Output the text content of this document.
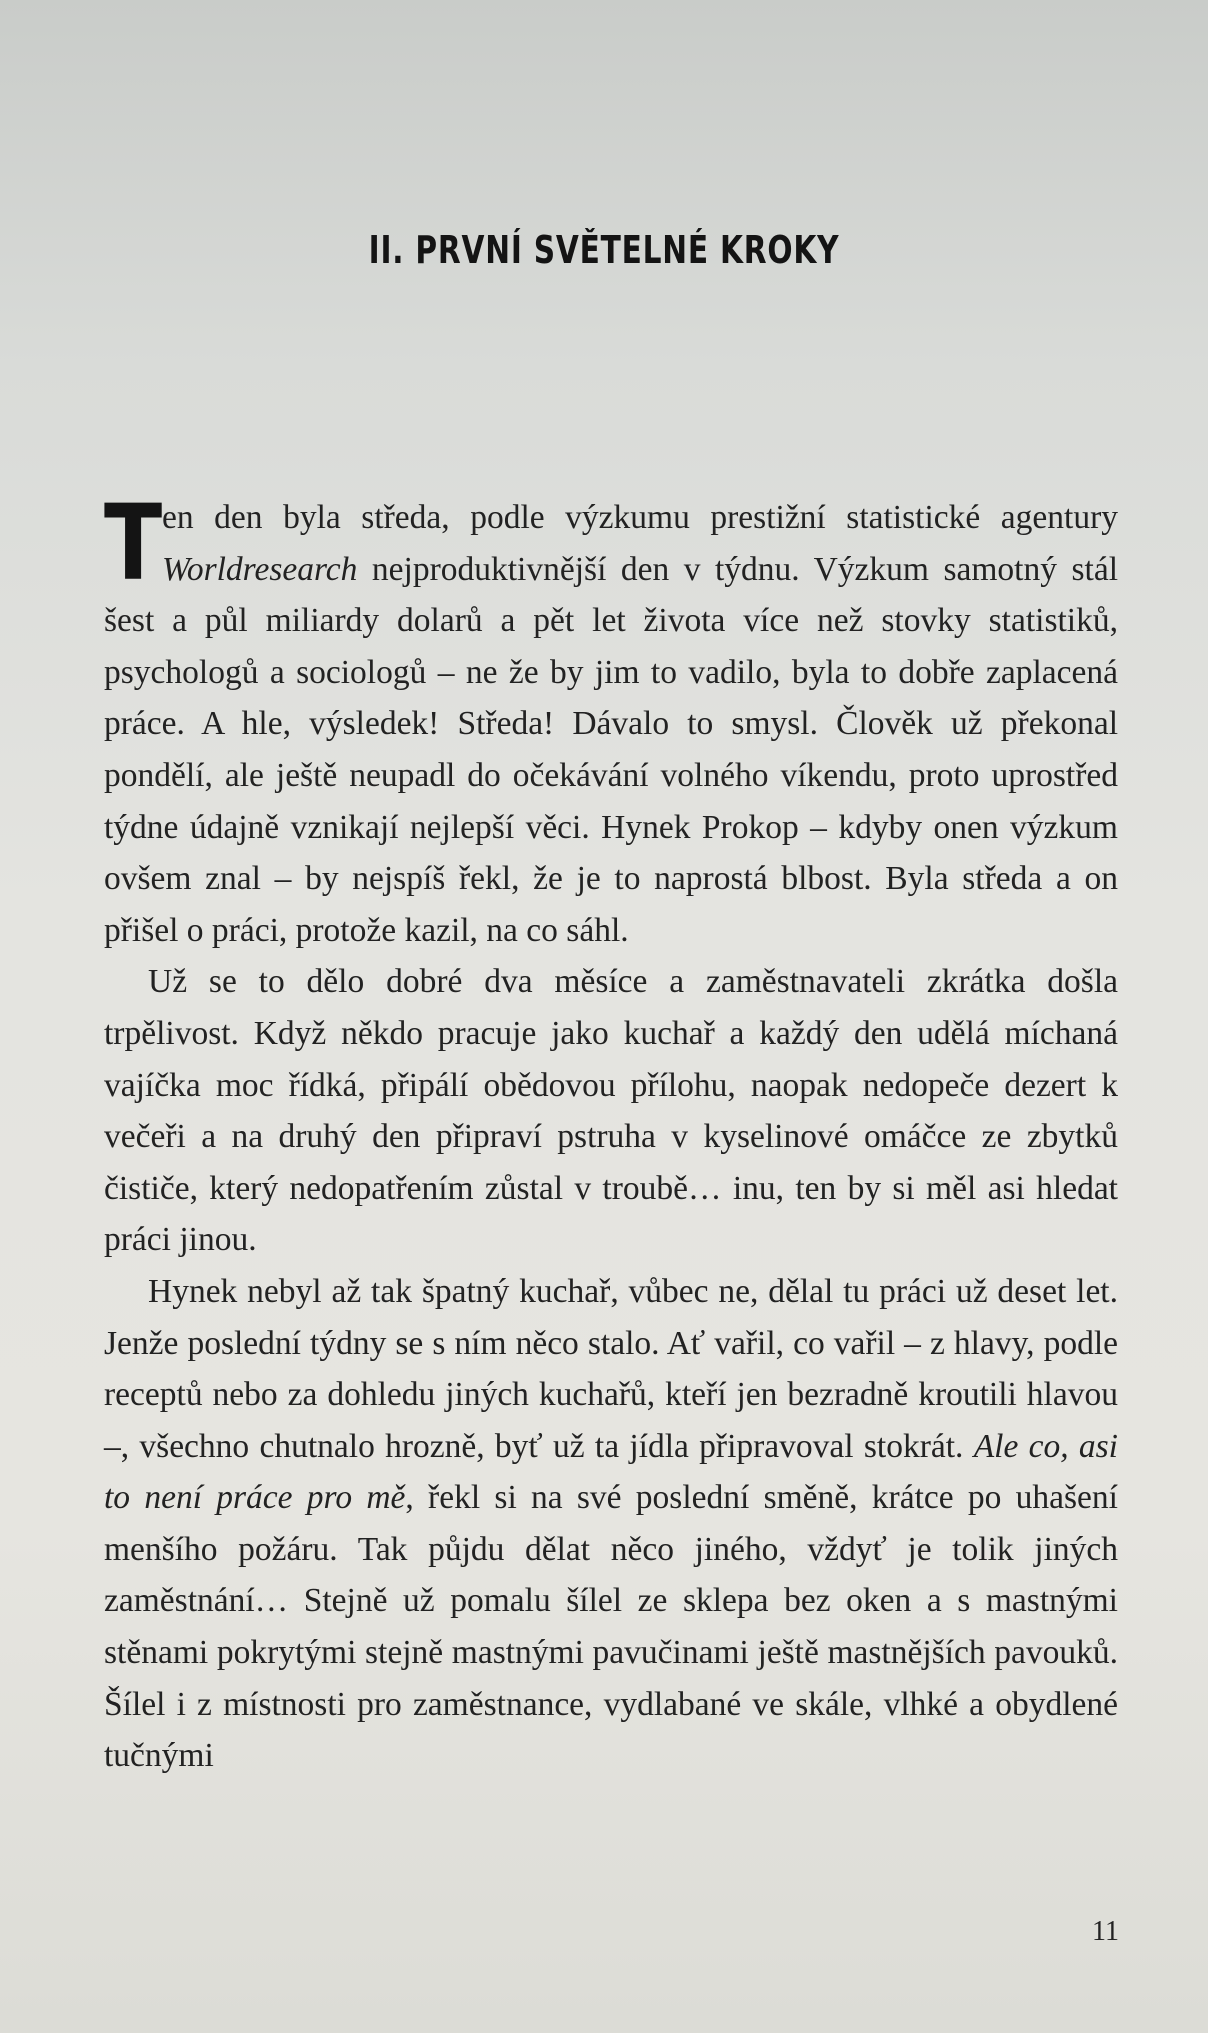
II. PRVNÍ SVĚTELNÉ KROKY

Ten den byla středa, podle výzkumu prestižní statistické agentury Worldresearch nejproduktivnější den v týdnu. Výzkum samotný stál šest a půl miliardy dolarů a pět let života více než stovky statistiků, psychologů a sociologů – ne že by jim to vadilo, byla to dobře zaplacená práce. A hle, výsledek! Středa! Dávalo to smysl. Člověk už překonal pondělí, ale ještě neupadl do očekávání volného víkendu, proto uprostřed týdne údajně vznikají nejlepší věci. Hynek Prokop – kdyby onen výzkum ovšem znal – by nejspíš řekl, že je to naprostá blbost. Byla středa a on přišel o práci, protože kazil, na co sáhl.

Už se to dělo dobré dva měsíce a zaměstnavateli zkrátka došla trpělivost. Když někdo pracuje jako kuchař a každý den udělá míchaná vajíčka moc řídká, připálí obědovou přílohu, naopak nedopeče dezert k večeři a na druhý den připraví pstruha v kyselinové omáčce ze zbytků čističe, který nedopatřením zůstal v troubě… inu, ten by si měl asi hledat práci jinou.

Hynek nebyl až tak špatný kuchař, vůbec ne, dělal tu práci už deset let. Jenže poslední týdny se s ním něco stalo. Ať vařil, co vařil – z hlavy, podle receptů nebo za dohledu jiných kuchařů, kteří jen bezradně kroutili hlavou –, všechno chutnalo hrozně, byť už ta jídla připravoval stokrát. Ale co, asi to není práce pro mě, řekl si na své poslední směně, krátce po uhašení menšího požáru. Tak půjdu dělat něco jiného, vždyť je tolik jiných zaměstnání… Stejně už pomalu šílel ze sklepa bez oken a s mastnými stěnami pokrytými stejně mastnými pavučinami ještě mastnějších pavouků. Šílel i z místnosti pro zaměstnance, vydlabané ve skále, vlhké a obydlené tučnými

11
